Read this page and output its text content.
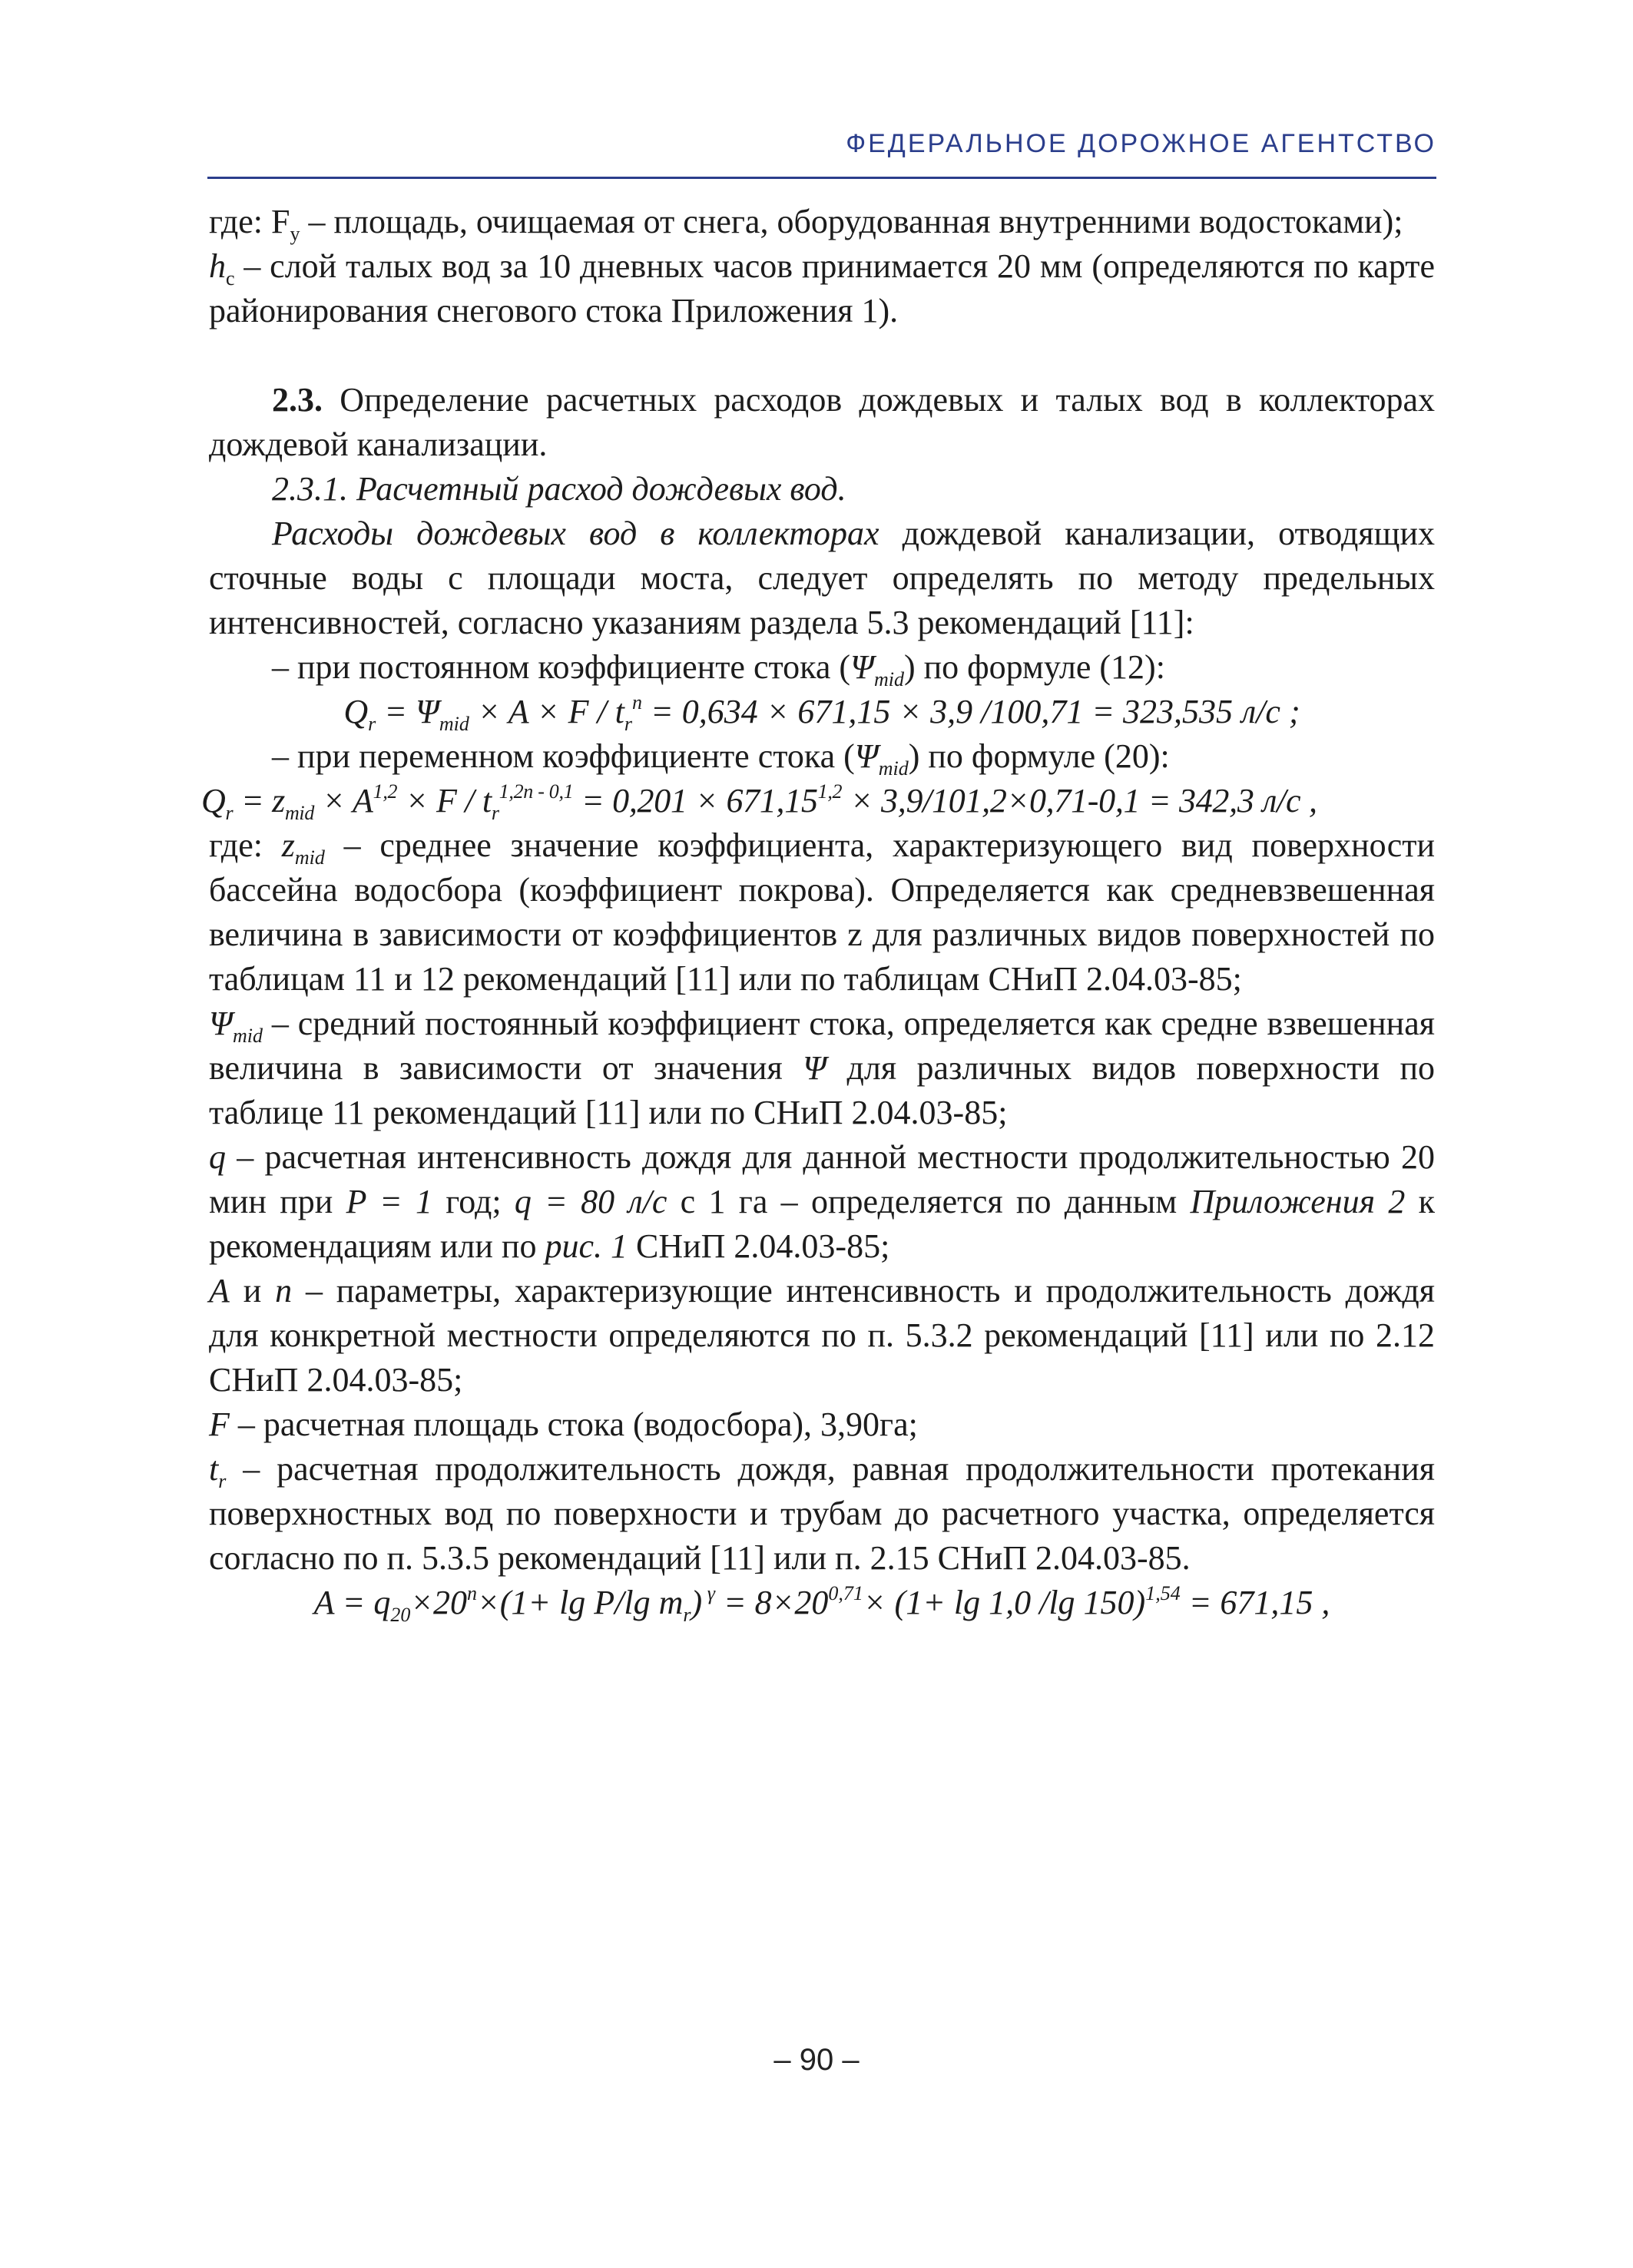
ФЕДЕРАЛЬНОЕ ДОРОЖНОЕ АГЕНТСТВО

где: $F_у$ – площадь, очищаемая от снега, оборудованная внутренними водостоками);

$h_с$ – слой талых вод за 10 дневных часов принимается 20 мм (определяются по карте районирования снегового стока Приложения 1).

2.3. Определение расчетных расходов дождевых и талых вод в коллекторах дождевой канализации.

2.3.1. Расчетный расход дождевых вод.

Расходы дождевых вод в коллекторах дождевой канализации, отводящих сточные воды с площади моста, следует определять по методу предельных интенсивностей, согласно указаниям раздела 5.3 рекомендаций [11]:

– при постоянном коэффициенте стока $(\Psi_{mid})$ по формуле (12):

$Q_r = \Psi_{mid} \times A \times F / t_r^n = 0,634 \times 671,15 \times 3,9$ /100,71 = 323,535 л/с ;

– при переменном коэффициенте стока $(\Psi_{mid})$ по формуле (20):

$Q_r = z_{mid} \times A^{1,2} \times F / t_r^{1,2n - 0,1} = 0,201 \times 671,15^{1,2} \times 3,9/101,2\times 0,71-0,1 = 342,3$ л/с ,

где: $z_{mid}$ – среднее значение коэффициента, характеризующего вид поверхности бассейна водосбора (коэффициент покрова). Определяется как средневзвешенная величина в зависимости от коэффициентов z для различных видов поверхностей по таблицам 11 и 12 рекомендаций [11] или по таблицам СНиП 2.04.03-85;

$\Psi_{mid}$ – средний постоянный коэффициент стока, определяется как средне взвешенная величина в зависимости от значения Ψ для различных видов поверхности по таблице 11 рекомендаций [11] или по СНиП 2.04.03-85;

q – расчетная интенсивность дождя для данной местности продолжительностью 20 мин при P = 1 год; q = 80 л/с с 1 га – определяется по данным Приложения 2 к рекомендациям или по рис. 1 СНиП 2.04.03-85;

A и n – параметры, характеризующие интенсивность и продолжительность дождя для конкретной местности определяются по п. 5.3.2 рекомендаций [11] или по 2.12 СНиП 2.04.03-85;

F – расчетная площадь стока (водосбора), 3,90га;

$t_r$ – расчетная продолжительность дождя, равная продолжительности протекания поверхностных вод по поверхности и трубам до расчетного участка, определяется согласно по п. 5.3.5 рекомендаций [11] или п. 2.15 СНиП 2.04.03-85.

$A = q_{20}\times 20^n\times(1+ \lg P/\lg$ $m_r$) $^\gamma = 8\times 20^{0,71}\times (1+ \lg 1,0$ /lg 150)$^{1,54}$ = 671,15 ,

– 90 –
